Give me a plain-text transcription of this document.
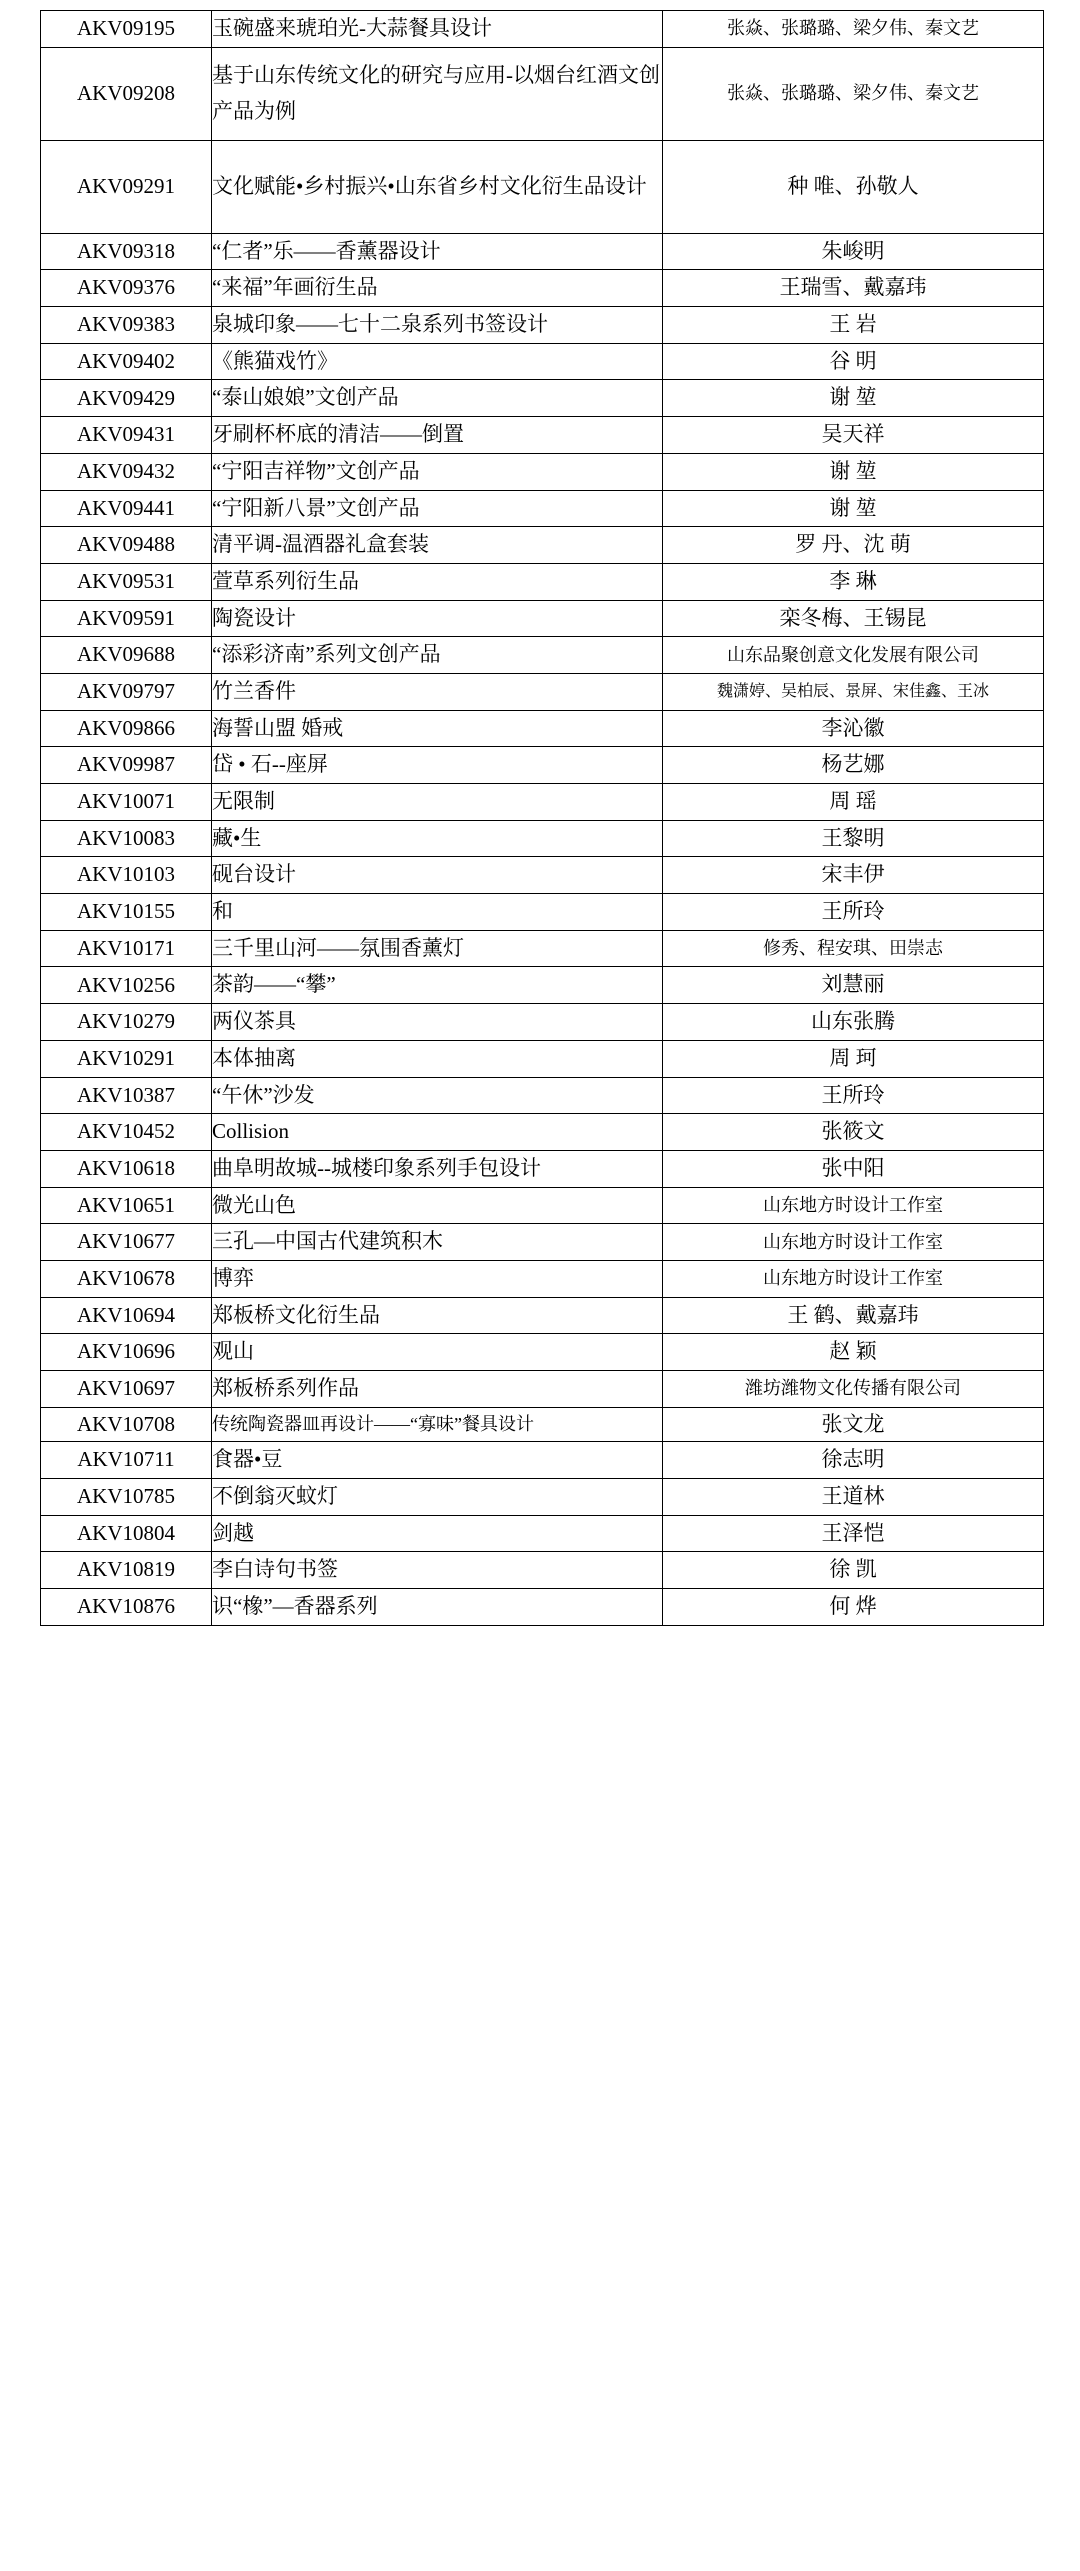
AKV09195	玉碗盛来琥珀光-大蒜餐具设计	张焱、张璐璐、梁夕伟、秦文艺
AKV09208	基于山东传统文化的研究与应用-以烟台红酒文创产品为例	张焱、张璐璐、梁夕伟、秦文艺
AKV09291	文化赋能•乡村振兴•山东省乡村文化衍生品设计	种 唯、孙敬人
AKV09318	“仁者”乐——香薰器设计	朱峻明
AKV09376	“来福”年画衍生品	王瑞雪、戴嘉玮
AKV09383	泉城印象——七十二泉系列书签设计	王 岩
AKV09402	《熊猫戏竹》	谷 明
AKV09429	“泰山娘娘”文创产品	谢 堃
AKV09431	牙刷杯杯底的清洁——倒置	吴天祥
AKV09432	“宁阳吉祥物”文创产品	谢 堃
AKV09441	“宁阳新八景”文创产品	谢 堃
AKV09488	清平调-温酒器礼盒套装	罗 丹、沈 萌
AKV09531	萱草系列衍生品	李 琳
AKV09591	陶瓷设计	栾冬梅、王锡昆
AKV09688	“添彩济南”系列文创产品	山东品聚创意文化发展有限公司
AKV09797	竹兰香件	魏潇婷、吴柏辰、景屏、宋佳鑫、王冰
AKV09866	海誓山盟 婚戒	李沁徽
AKV09987	岱 • 石--座屏	杨艺娜
AKV10071	无限制	周 瑶
AKV10083	藏•生	王黎明
AKV10103	砚台设计	宋丰伊
AKV10155	和	王所玲
AKV10171	三千里山河——氛围香薰灯	修秀、程安琪、田崇志
AKV10256	茶韵——“攀”	刘慧丽
AKV10279	两仪茶具	山东张腾
AKV10291	本体抽离	周 珂
AKV10387	“午休”沙发	王所玲
AKV10452	Collision	张筱文
AKV10618	曲阜明故城--城楼印象系列手包设计	张中阳
AKV10651	微光山色	山东地方时设计工作室
AKV10677	三孔—中国古代建筑积木	山东地方时设计工作室
AKV10678	博弈	山东地方时设计工作室
AKV10694	郑板桥文化衍生品	王 鹤、戴嘉玮
AKV10696	观山	赵 颖
AKV10697	郑板桥系列作品	潍坊潍物文化传播有限公司
AKV10708	传统陶瓷器皿再设计——“寡味”餐具设计	张文龙
AKV10711	食器•豆	徐志明
AKV10785	不倒翁灭蚊灯	王道林
AKV10804	剑越	王泽恺
AKV10819	李白诗句书签	徐 凯
AKV10876	识“橡”—香器系列	何 烨
